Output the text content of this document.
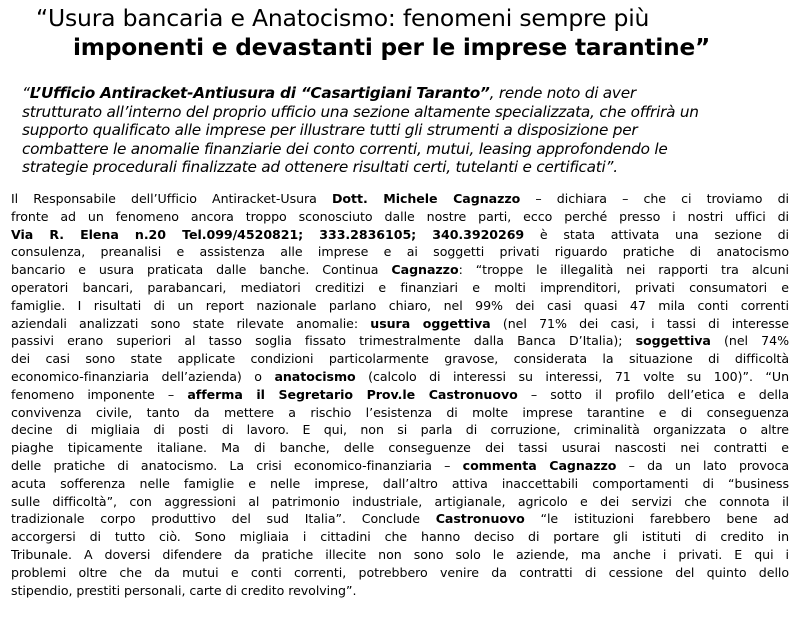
“Usura bancaria e Anatocismo: fenomeni sempre più
imponenti e devastanti per le imprese tarantine”
“L’Ufficio Antiracket-Antiusura di “Casartigiani Taranto”, rende noto di aver
strutturato all’interno del proprio ufficio una sezione altamente specializzata, che offrirà un
supporto qualificato alle imprese per illustrare tutti gli strumenti a disposizione per
combattere le anomalie finanziarie dei conto correnti, mutui, leasing approfondendo le
strategie procedurali finalizzate ad ottenere risultati certi, tutelanti e certificati”.
Il Responsabile dell’Ufficio Antiracket-Usura Dott. Michele Cagnazzo – dichiara – che ci troviamo di
fronte ad un fenomeno ancora troppo sconosciuto dalle nostre parti, ecco perché presso i nostri uffici di
Via R. Elena n.20 Tel.099/4520821; 333.2836105; 340.3920269 è stata attivata una sezione di
consulenza, preanalisi e assistenza alle imprese e ai soggetti privati riguardo pratiche di anatocismo
bancario e usura praticata dalle banche. Continua Cagnazzo: “troppe le illegalità nei rapporti tra alcuni
operatori bancari, parabancari, mediatori creditizi e finanziari e molti imprenditori, privati consumatori e
famiglie. I risultati di un report nazionale parlano chiaro, nel 99% dei casi quasi 47 mila conti correnti
aziendali analizzati sono state rilevate anomalie: usura oggettiva (nel 71% dei casi, i tassi di interesse
passivi erano superiori al tasso soglia fissato trimestralmente dalla Banca D’Italia); soggettiva (nel 74%
dei casi sono state applicate condizioni particolarmente gravose, considerata la situazione di difficoltà
economico-finanziaria dell’azienda) o anatocismo (calcolo di interessi su interessi, 71 volte su 100)”. “Un
fenomeno imponente – afferma il Segretario Prov.le Castronuovo – sotto il profilo dell’etica e della
convivenza civile, tanto da mettere a rischio l’esistenza di molte imprese tarantine e di conseguenza
decine di migliaia di posti di lavoro. E qui, non si parla di corruzione, criminalità organizzata o altre
piaghe tipicamente italiane. Ma di banche, delle conseguenze dei tassi usurai nascosti nei contratti e
delle pratiche di anatocismo. La crisi economico-finanziaria – commenta Cagnazzo – da un lato provoca
acuta sofferenza nelle famiglie e nelle imprese, dall’altro attiva inaccettabili comportamenti di “business
sulle difficoltà”, con aggressioni al patrimonio industriale, artigianale, agricolo e dei servizi che connota il
tradizionale corpo produttivo del sud Italia”. Conclude Castronuovo “le istituzioni farebbero bene ad
accorgersi di tutto ciò. Sono migliaia i cittadini che hanno deciso di portare gli istituti di credito in
Tribunale. A doversi difendere da pratiche illecite non sono solo le aziende, ma anche i privati. E qui i
problemi oltre che da mutui e conti correnti, potrebbero venire da contratti di cessione del quinto dello
stipendio, prestiti personali, carte di credito revolving”.
